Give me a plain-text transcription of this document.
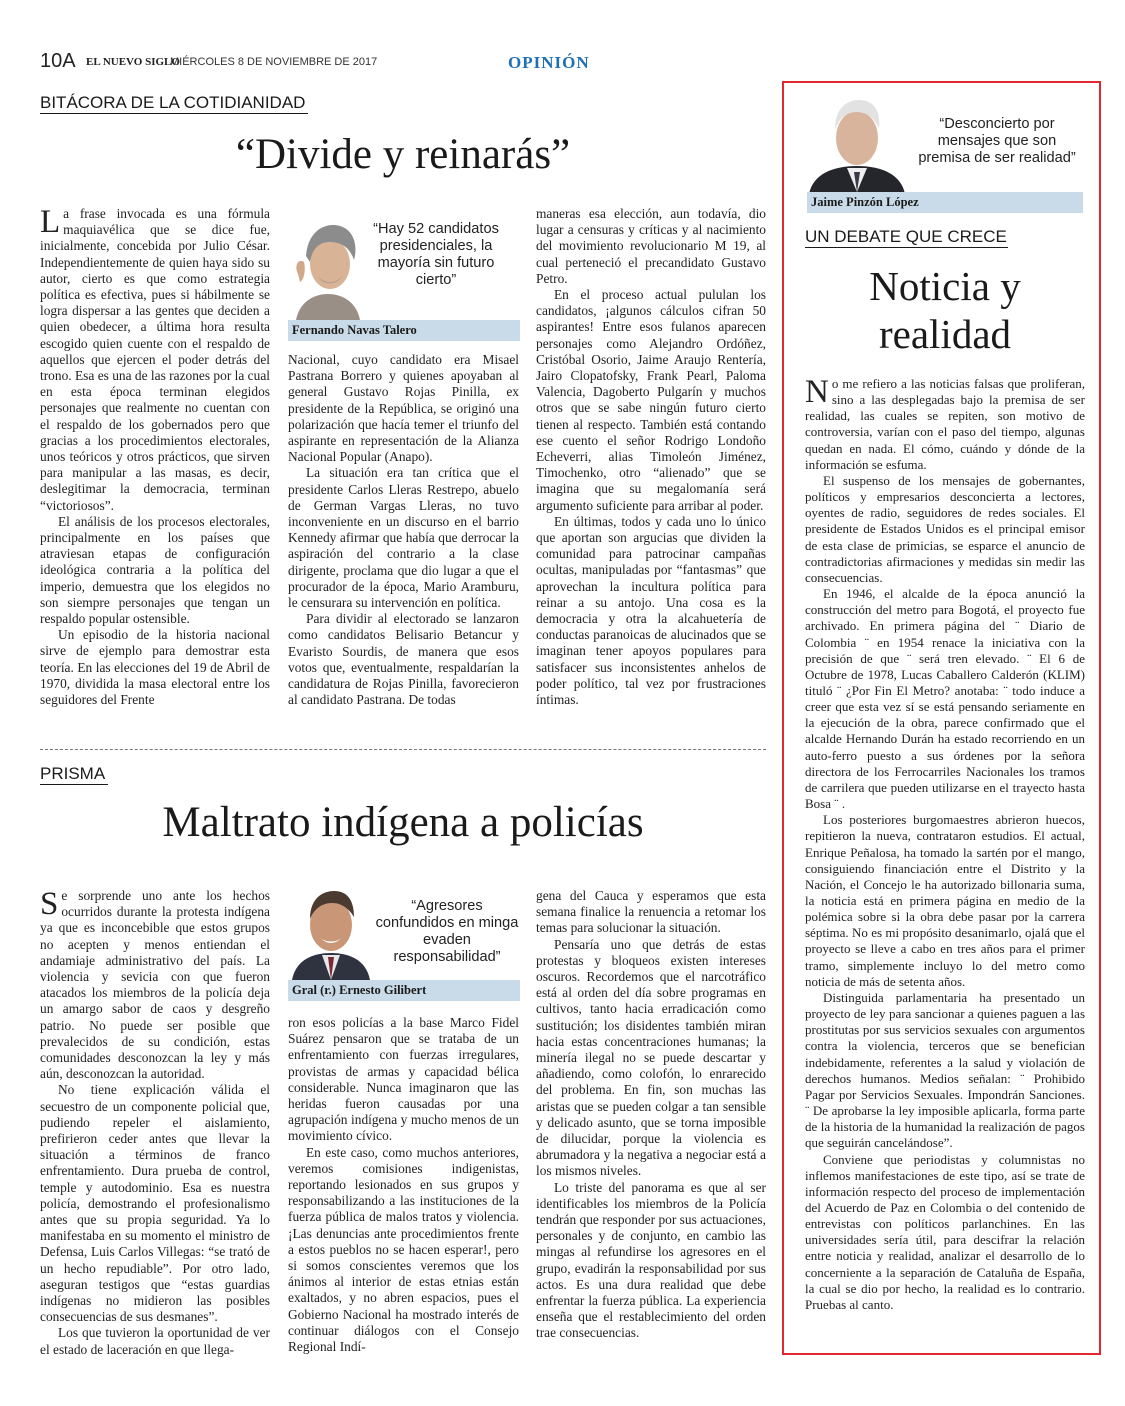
10A EL NUEVO SIGLO
MIÉRCOLES 8 DE NOVIEMBRE DE 2017	OPINIÓN
BITÁCORA DE LA COTIDIANIDAD
“Divide y reinarás”

La frase invocada es una fórmula maquiavélica que se dice fue, inicialmente, concebida por Julio César. Independientemente de quien haya sido su autor, cierto es que como estrategia política es efectiva, pues si hábilmente se logra dispersar a las gentes que deciden a quien obedecer, a última hora resulta escogido quien cuente con el respaldo de aquellos que ejercen el poder detrás del trono. Esa es una de las razones por la cual en esta época terminan elegidos personajes que realmente no cuentan con el respaldo de los gobernados pero que gracias a los procedimientos electorales, unos teóricos y otros prácticos, que sirven para manipular a las masas, es decir, deslegitimar la democracia, terminan “victoriosos”.

El análisis de los procesos electorales, principalmente en los países que atraviesan etapas de configuración ideológica contraria a la política del imperio, demuestra que los elegidos no son siempre personajes que tengan un respaldo popular ostensible.

Un episodio de la historia nacional sirve de ejemplo para demostrar esta teoría. En las elecciones del 19 de Abril de 1970, dividida la masa electoral entre los seguidores del Frente

“Hay 52 candidatos presidenciales, la mayoría sin futuro cierto”
Fernando Navas Talero

Nacional, cuyo candidato era Misael Pastrana Borrero y quienes apoyaban al general Gustavo Rojas Pinilla, ex presidente de la República, se originó una polarización que hacía temer el triunfo del aspirante en representación de la Alianza Nacional Popular (Anapo).

La situación era tan crítica que el presidente Carlos Lleras Restrepo, abuelo de German Vargas Lleras, no tuvo inconveniente en un discurso en el barrio Kennedy afirmar que había que derrocar la aspiración del contrario a la clase dirigente, proclama que dio lugar a que el procurador de la época, Mario Aramburu, le censurara su intervención en política.

Para dividir al electorado se lanzaron como candidatos Belisario Betancur y Evaristo Sourdis, de manera que esos votos que, eventualmente, respaldarían la candidatura de Rojas Pinilla, favorecieron al candidato Pastrana. De todas

maneras esa elección, aun todavía, dio lugar a censuras y críticas y al nacimiento del movimiento revolucionario M 19, al cual perteneció el precandidato Gustavo Petro.

En el proceso actual pululan los candidatos, ¡algunos cálculos cifran 50 aspirantes! Entre esos fulanos aparecen personajes como Alejandro Ordóñez, Cristóbal Osorio, Jaime Araujo Rentería, Jairo Clopatofsky, Frank Pearl, Paloma Valencia, Dagoberto Pulgarín y muchos otros que se sabe ningún futuro cierto tienen al respecto. También está contando ese cuento el señor Rodrigo Londoño Echeverri, alias Timoleón Jiménez, Timochenko, otro “alienado” que se imagina que su megalomanía será argumento suficiente para arribar al poder.

En últimas, todos y cada uno lo único que aportan son argucias que dividen la comunidad para patrocinar campañas ocultas, manipuladas por “fantasmas” que aprovechan la incultura política para reinar a su antojo. Una cosa es la democracia y otra la alcahuetería de conductas paranoicas de alucinados que se imaginan tener apoyos populares para satisfacer sus inconsistentes anhelos de poder político, tal vez por frustraciones íntimas.

PRISMA
Maltrato indígena a policías

Se sorprende uno ante los hechos ocurridos durante la protesta indígena ya que es inconcebible que estos grupos no acepten y menos entiendan el andamiaje administrativo del país. La violencia y sevicia con que fueron atacados los miembros de la policía deja un amargo sabor de caos y desgreño patrio. No puede ser posible que prevalecidos de su condición, estas comunidades desconozcan la ley y más aún, desconozcan la autoridad.

No tiene explicación válida el secuestro de un componente policial que, pudiendo repeler el aislamiento, prefirieron ceder antes que llevar la situación a términos de franco enfrentamiento. Dura prueba de control, temple y autodominio. Esa es nuestra policía, demostrando el profesionalismo antes que su propia seguridad. Ya lo manifestaba en su momento el ministro de Defensa, Luis Carlos Villegas: “se trató de un hecho repudiable”. Por otro lado, aseguran testigos que “estas guardias indígenas no midieron las posibles consecuencias de sus desmanes”.

Los que tuvieron la oportunidad de ver el estado de laceración en que llega-

“Agresores confundidos en minga evaden responsabilidad”
Gral (r.) Ernesto Gilibert

ron esos policías a la base Marco Fidel Suárez pensaron que se trataba de un enfrentamiento con fuerzas irregulares, provistas de armas y capacidad bélica considerable. Nunca imaginaron que las heridas fueron causadas por una agrupación indígena y mucho menos de un movimiento cívico.

En este caso, como muchos anteriores, veremos comisiones indigenistas, reportando lesionados en sus grupos y responsabilizando a las instituciones de la fuerza pública de malos tratos y violencia. ¡Las denuncias ante procedimientos frente a estos pueblos no se hacen esperar!, pero si somos conscientes veremos que los ánimos al interior de estas etnias están exaltados, y no abren espacios, pues el Gobierno Nacional ha mostrado interés de continuar diálogos con el Consejo Regional Indí-

gena del Cauca y esperamos que esta semana finalice la renuencia a retomar los temas para solucionar la situación.

Pensaría uno que detrás de estas protestas y bloqueos existen intereses oscuros. Recordemos que el narcotráfico está al orden del día sobre programas en cultivos, tanto hacia erradicación como sustitución; los disidentes también miran hacia estas concentraciones humanas; la minería ilegal no se puede descartar y añadiendo, como colofón, lo enrarecido del problema. En fin, son muchas las aristas que se pueden colgar a tan sensible y delicado asunto, que se torna imposible de dilucidar, porque la violencia es abrumadora y la negativa a negociar está a los mismos niveles.

Lo triste del panorama es que al ser identificables los miembros de la Policía tendrán que responder por sus actuaciones, personales y de conjunto, en cambio las mingas al refundirse los agresores en el grupo, evadirán la responsabilidad por sus actos. Es una dura realidad que debe enfrentar la fuerza pública. La experiencia enseña que el restablecimiento del orden trae consecuencias.

“Desconcierto por mensajes que son premisa de ser realidad”
Jaime Pinzón López
UN DEBATE QUE CRECE
Noticia y
realidad

No me refiero a las noticias falsas que proliferan, sino a las desplegadas bajo la premisa de ser realidad, las cuales se repiten, son motivo de controversia, varían con el paso del tiempo, algunas quedan en nada. El cómo, cuándo y dónde de la información se esfuma.

El suspenso de los mensajes de gobernantes, políticos y empresarios desconcierta a lectores, oyentes de radio, seguidores de redes sociales. El presidente de Estados Unidos es el principal emisor de esta clase de primicias, se esparce el anuncio de contradictorias afirmaciones y medidas sin medir las consecuencias.

En 1946, el alcalde de la época anunció la construcción del metro para Bogotá, el proyecto fue archivado. En primera página del ¨ Diario de Colombia ¨ en 1954 renace la iniciativa con la precisión de que ¨ será tren elevado. ¨ El 6 de Octubre de 1978, Lucas Caballero Calderón (KLIM) tituló ¨ ¿Por Fin El Metro? anotaba: ¨ todo induce a creer que esta vez sí se está pensando seriamente en la ejecución de la obra, parece confirmado que el alcalde Hernando Durán ha estado recorriendo en un auto-ferro puesto a sus órdenes por la señora directora de los Ferrocarriles Nacionales los tramos de carrilera que pueden utilizarse en el trayecto hasta Bosa ¨ .

Los posteriores burgomaestres abrieron huecos, repitieron la nueva, contrataron estudios. El actual, Enrique Peñalosa, ha tomado la sartén por el mango, consiguiendo financiación entre el Distrito y la Nación, el Concejo le ha autorizado billonaria suma, la noticia está en primera página en medio de la polémica sobre si la obra debe pasar por la carrera séptima. No es mi propósito desanimarlo, ojalá que el proyecto se lleve a cabo en tres años para el primer tramo, simplemente incluyo lo del metro como noticia de más de setenta años.

Distinguida parlamentaria ha presentado un proyecto de ley para sancionar a quienes paguen a las prostitutas por sus servicios sexuales con argumentos contra la violencia, terceros que se benefician indebidamente, referentes a la salud y violación de derechos humanos. Medios señalan: ¨ Prohibido Pagar por Servicios Sexuales. Impondrán Sanciones. ¨ De aprobarse la ley imposible aplicarla, forma parte de la historia de la humanidad la realización de pagos que seguirán cancelándose”.

Conviene que periodistas y columnistas no inflemos manifestaciones de este tipo, así se trate de información respecto del proceso de implementación del Acuerdo de Paz en Colombia o del contenido de entrevistas con políticos parlanchines. En las universidades sería útil, para descifrar la relación entre noticia y realidad, analizar el desarrollo de lo concerniente a la separación de Cataluña de España, la cual se dio por hecho, la realidad es lo contrario. Pruebas al canto.
